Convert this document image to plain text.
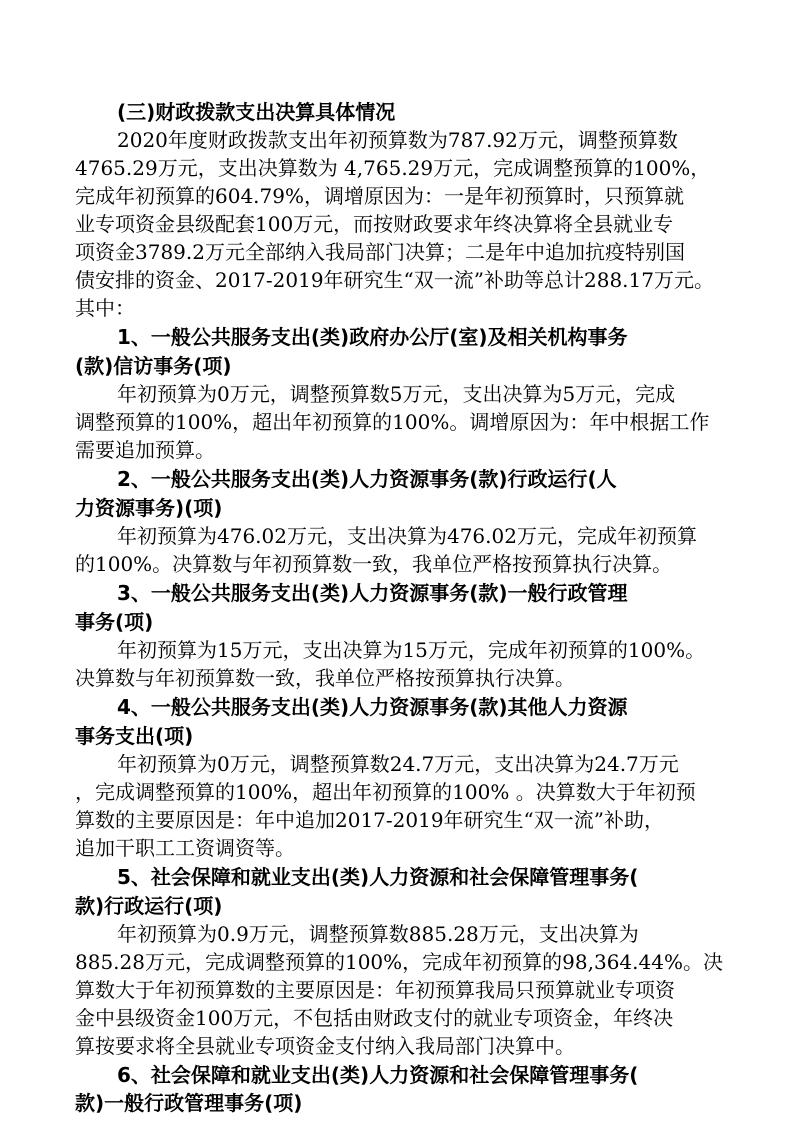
(三)财政拨款支出决算具体情况
2020年度财政拨款支出年初预算数为787.92万元，调整预算数
4765.29万元，支出决算数为 4,765.29万元，完成调整预算的100%，
完成年初预算的604.79%，调增原因为：一是年初预算时，只预算就
业专项资金县级配套100万元，而按财政要求年终决算将全县就业专
项资金3789.2万元全部纳入我局部门决算；二是年中追加抗疫特别国
债安排的资金、2017-2019年研究生“双一流”补助等总计288.17万元。
其中：
1、一般公共服务支出(类)政府办公厅(室)及相关机构事务
(款)信访事务(项)
年初预算为0万元，调整预算数5万元，支出决算为5万元，完成
调整预算的100%，超出年初预算的100%。调增原因为：年中根据工作
需要追加预算。
2、一般公共服务支出(类)人力资源事务(款)行政运行(人
力资源事务)(项)
年初预算为476.02万元，支出决算为476.02万元，完成年初预算
的100%。决算数与年初预算数一致，我单位严格按预算执行决算。
3、一般公共服务支出(类)人力资源事务(款)一般行政管理
事务(项)
年初预算为15万元，支出决算为15万元，完成年初预算的100%。
决算数与年初预算数一致，我单位严格按预算执行决算。
4、一般公共服务支出(类)人力资源事务(款)其他人力资源
事务支出(项)
年初预算为0万元，调整预算数24.7万元，支出决算为24.7万元
，完成调整预算的100%，超出年初预算的100% 。决算数大于年初预
算数的主要原因是：年中追加2017-2019年研究生“双一流”补助，
追加干职工工资调资等。
5、社会保障和就业支出(类)人力资源和社会保障管理事务(
款)行政运行(项)
年初预算为0.9万元，调整预算数885.28万元，支出决算为
885.28万元，完成调整预算的100%，完成年初预算的98,364.44%。决
算数大于年初预算数的主要原因是：年初预算我局只预算就业专项资
金中县级资金100万元，不包括由财政支付的就业专项资金，年终决
算按要求将全县就业专项资金支付纳入我局部门决算中。
6、社会保障和就业支出(类)人力资源和社会保障管理事务(
款)一般行政管理事务(项)
